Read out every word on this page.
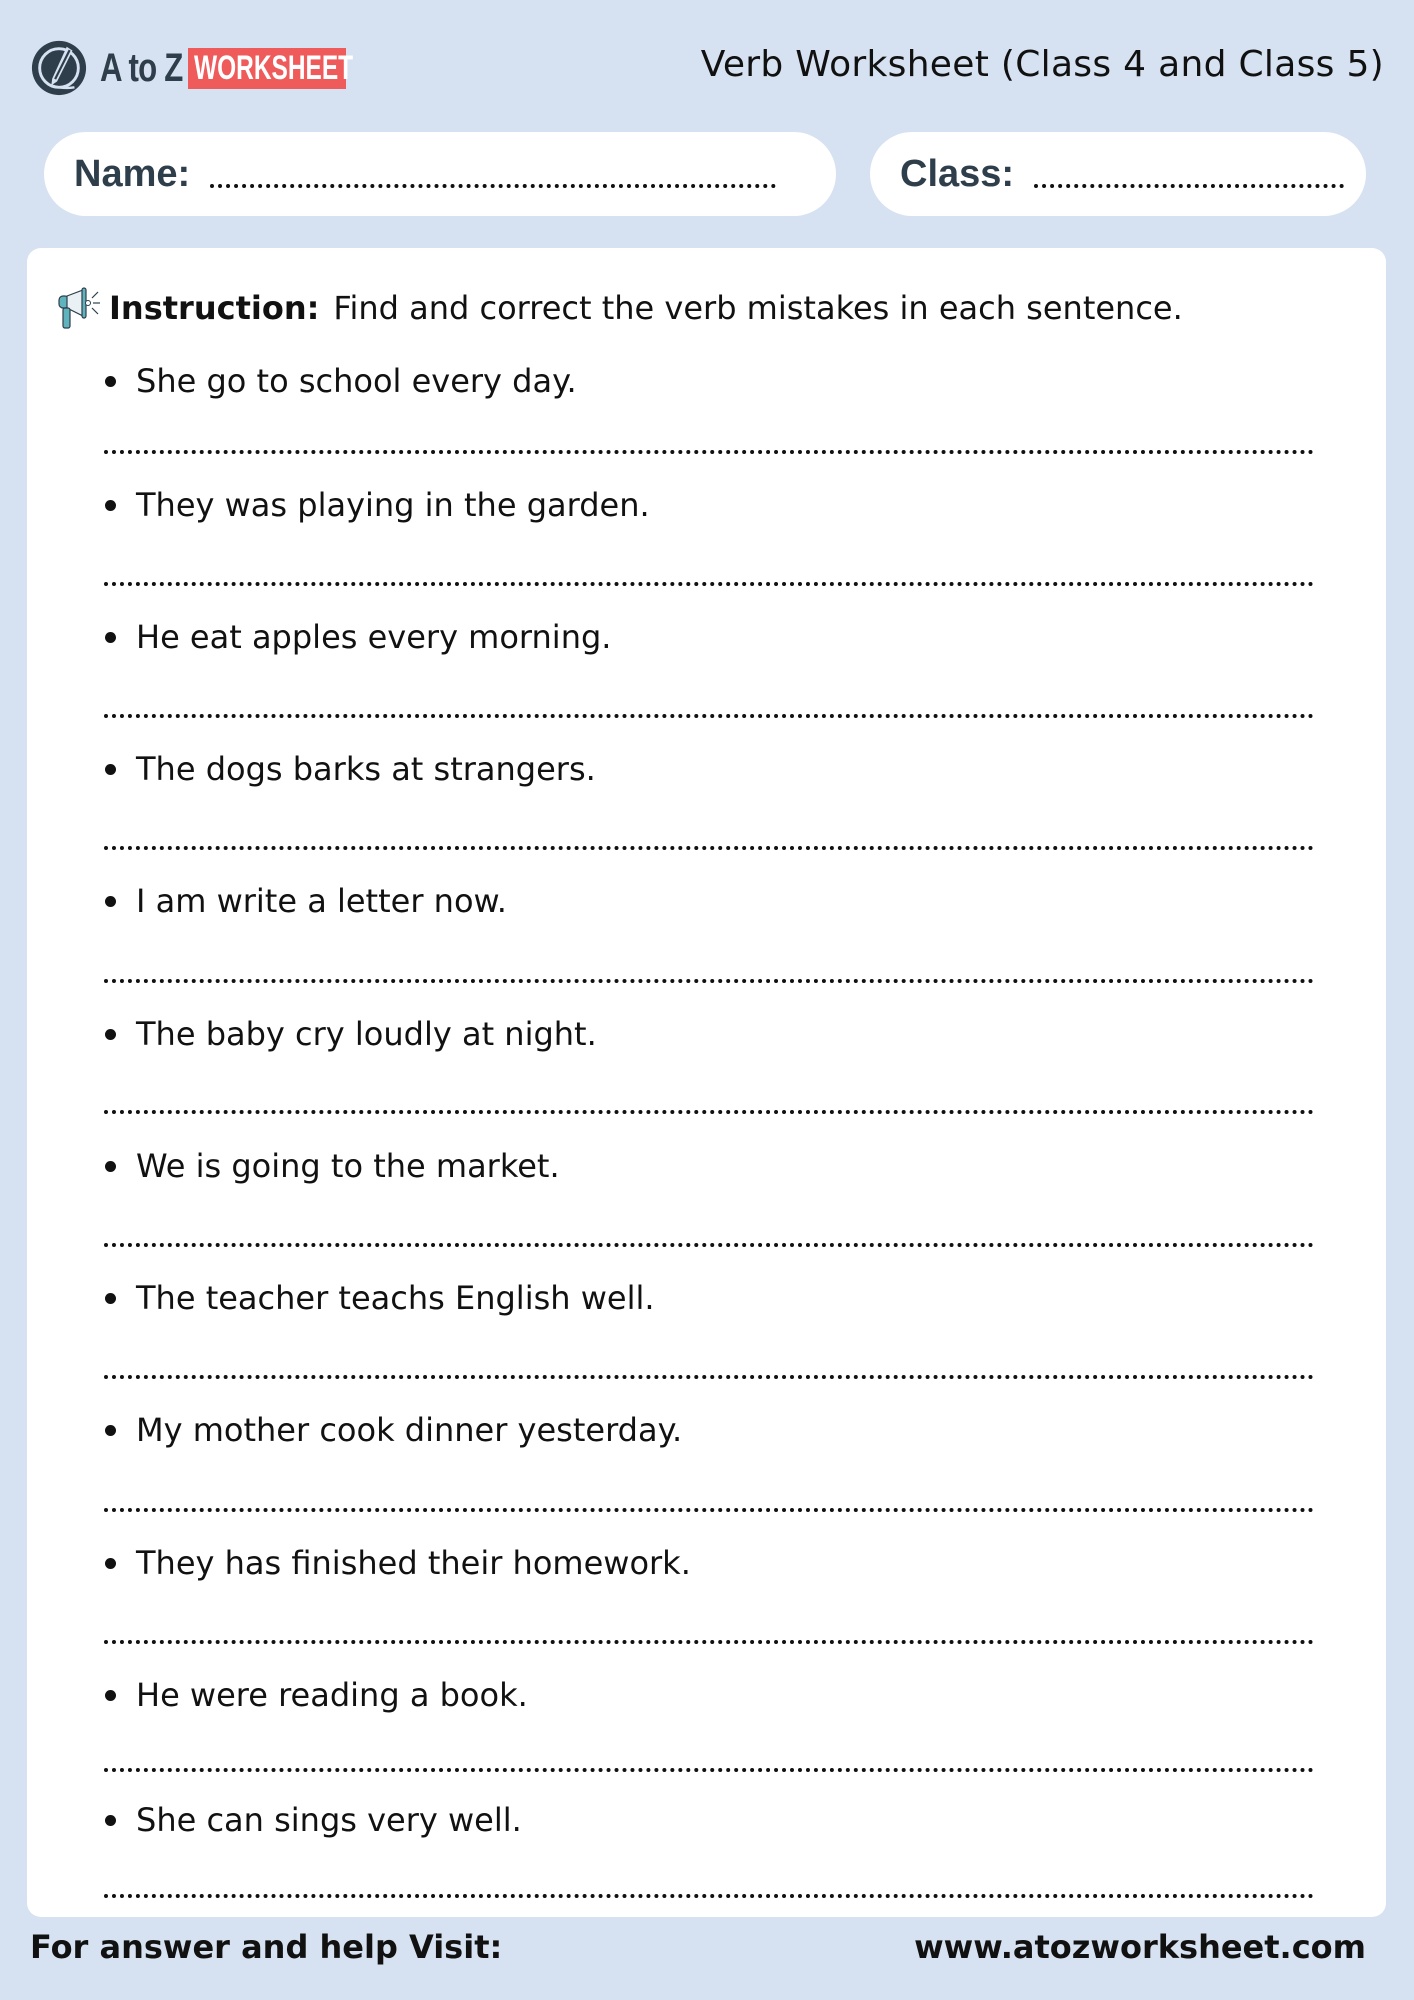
A to Z WORKSHEET	Verb Worksheet (Class 4 and Class 5)
Name:	Class:
Instruction: Find and correct the verb mistakes in each sentence.
She go to school every day.
They was playing in the garden.
He eat apples every morning.
The dogs barks at strangers.
I am write a letter now.
The baby cry loudly at night.
We is going to the market.
The teacher teachs English well.
My mother cook dinner yesterday.
They has finished their homework.
He were reading a book.
She can sings very well.
For answer and help Visit:	www.atozworksheet.com
